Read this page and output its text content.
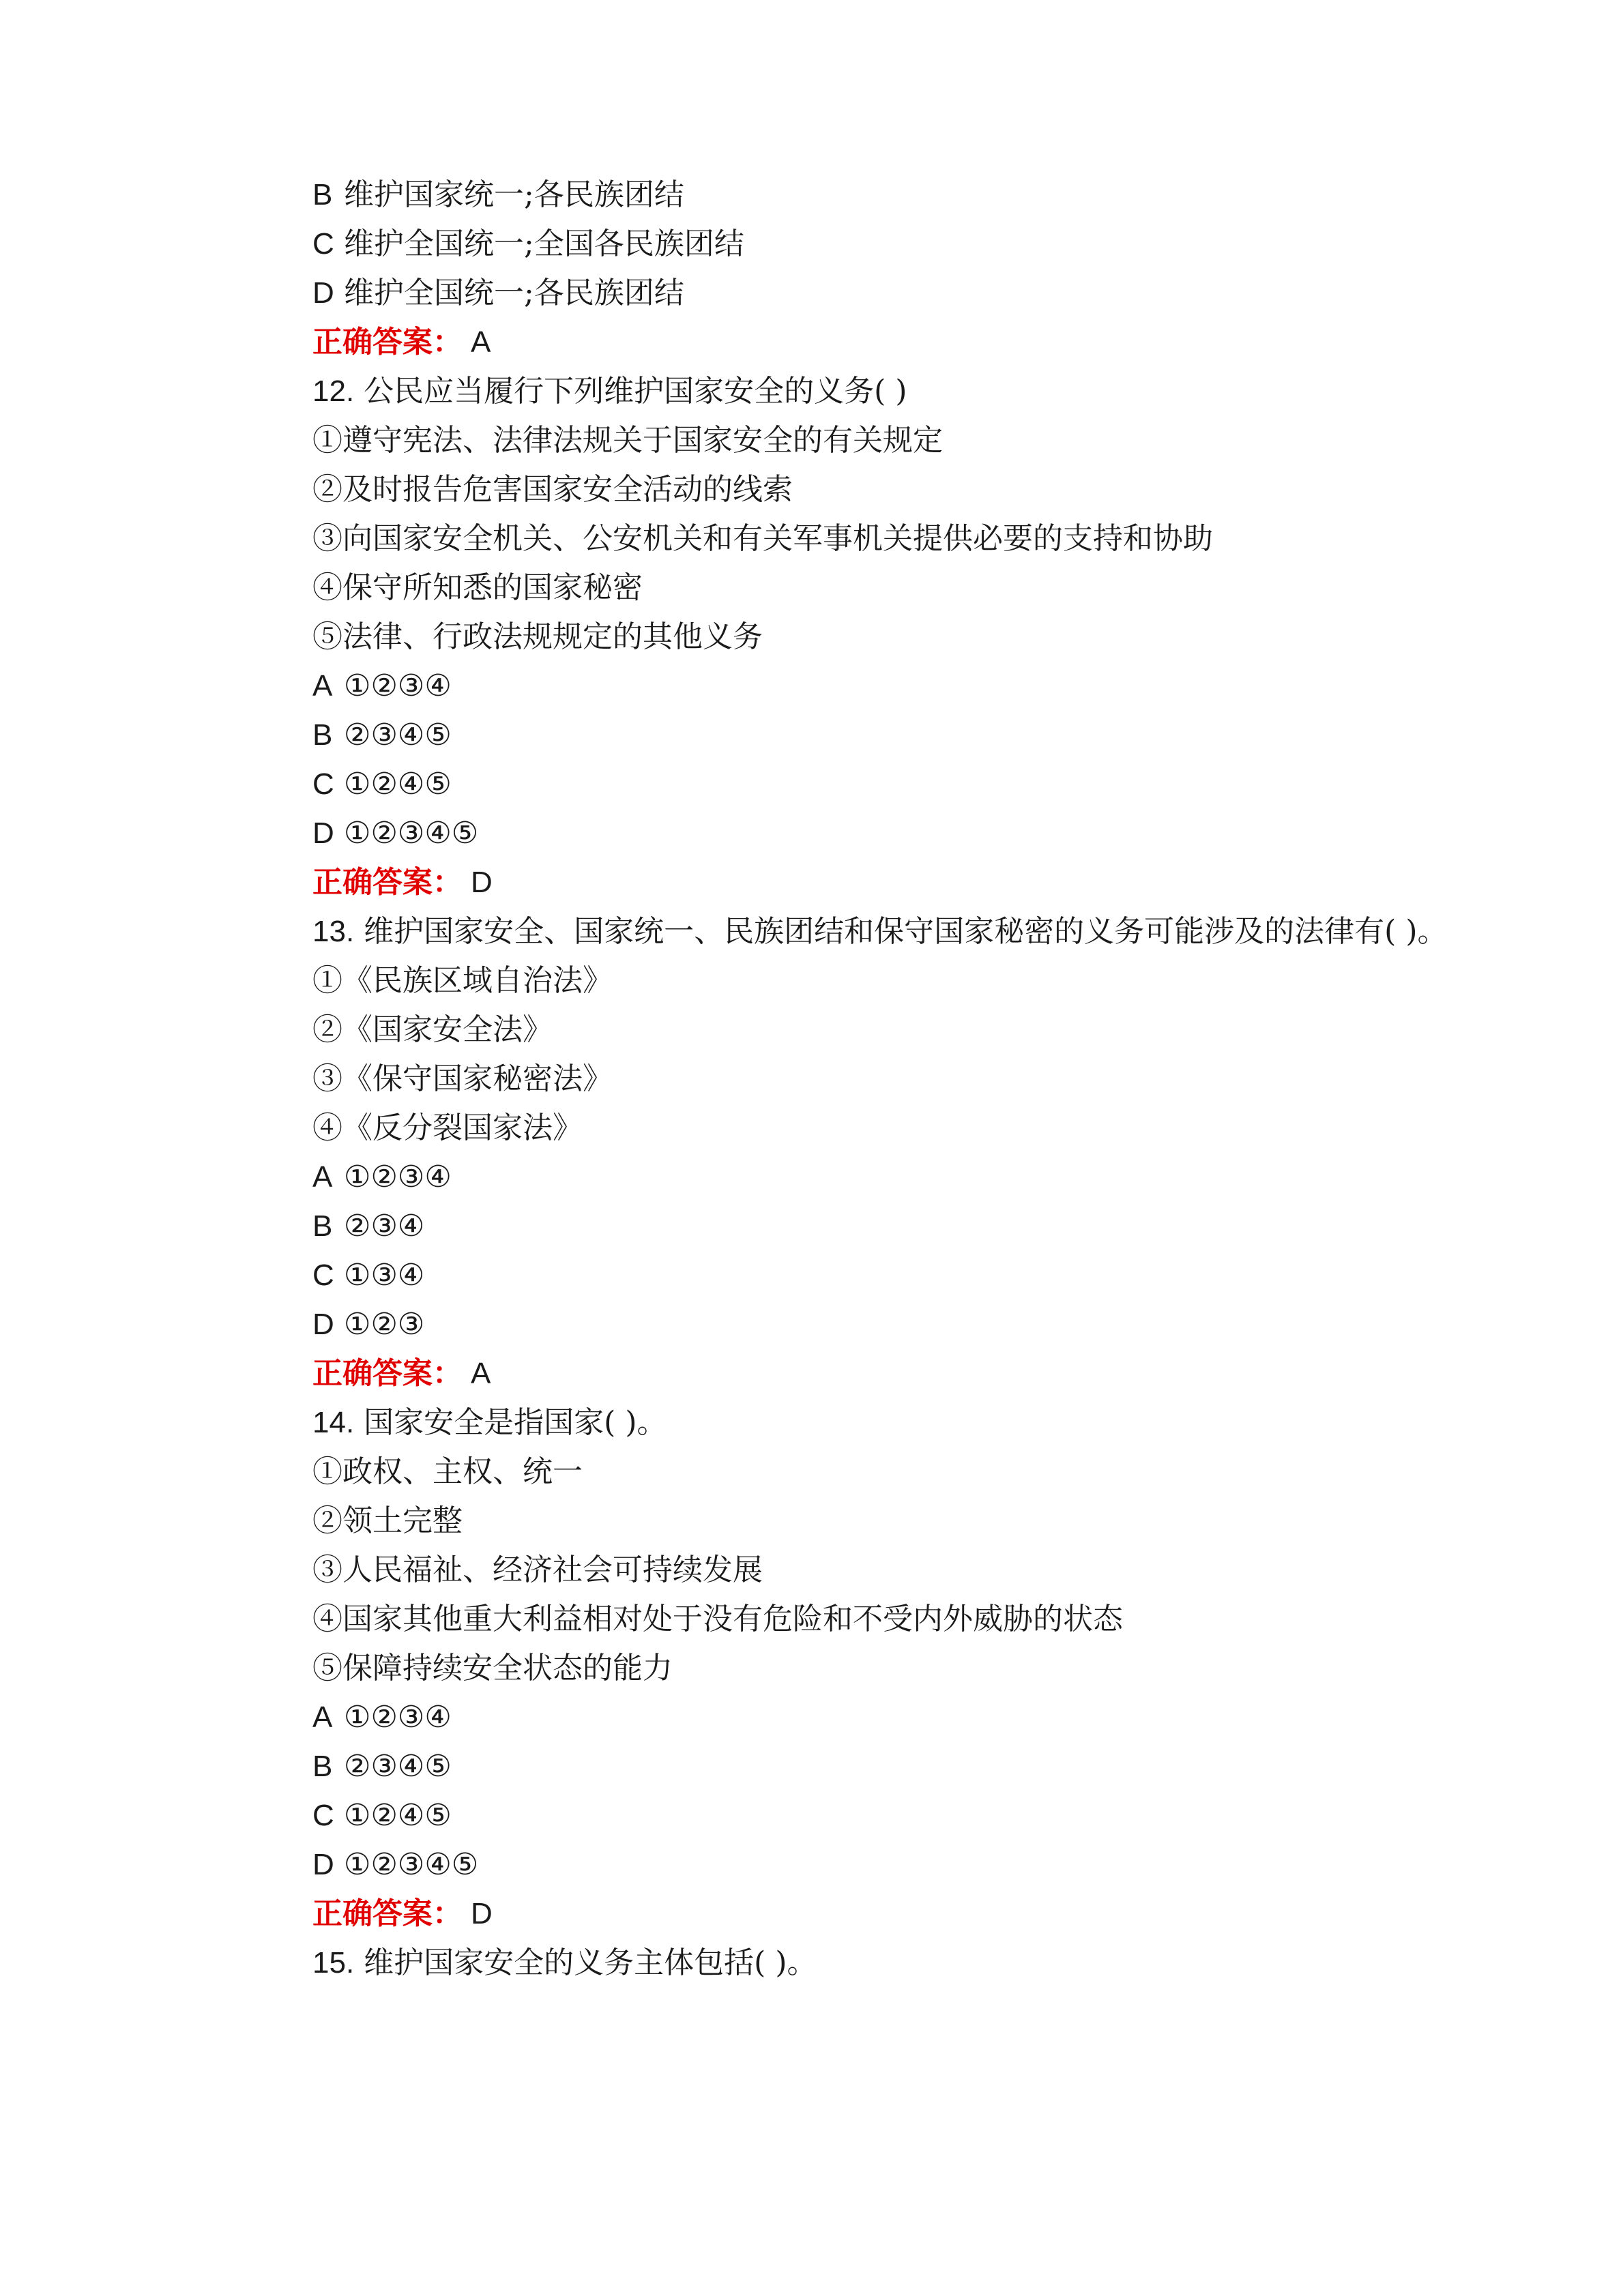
B 维护国家统一;各民族团结
C 维护全国统一;全国各民族团结
D 维护全国统一;各民族团结
正确答案： A
12. 公民应当履行下列维护国家安全的义务( )
①遵守宪法、法律法规关于国家安全的有关规定
②及时报告危害国家安全活动的线索
③向国家安全机关、公安机关和有关军事机关提供必要的支持和协助
④保守所知悉的国家秘密
⑤法律、行政法规规定的其他义务
A ①②③④
B ②③④⑤
C ①②④⑤
D ①②③④⑤
正确答案： D
13. 维护国家安全、国家统一、民族团结和保守国家秘密的义务可能涉及的法律有( )。
①《民族区域自治法》
②《国家安全法》
③《保守国家秘密法》
④《反分裂国家法》
A ①②③④
B ②③④
C ①③④
D ①②③
正确答案： A
14. 国家安全是指国家( )。
①政权、主权、统一
②领土完整
③人民福祉、经济社会可持续发展
④国家其他重大利益相对处于没有危险和不受内外威胁的状态
⑤保障持续安全状态的能力
A ①②③④
B ②③④⑤
C ①②④⑤
D ①②③④⑤
正确答案： D
15. 维护国家安全的义务主体包括( )。
